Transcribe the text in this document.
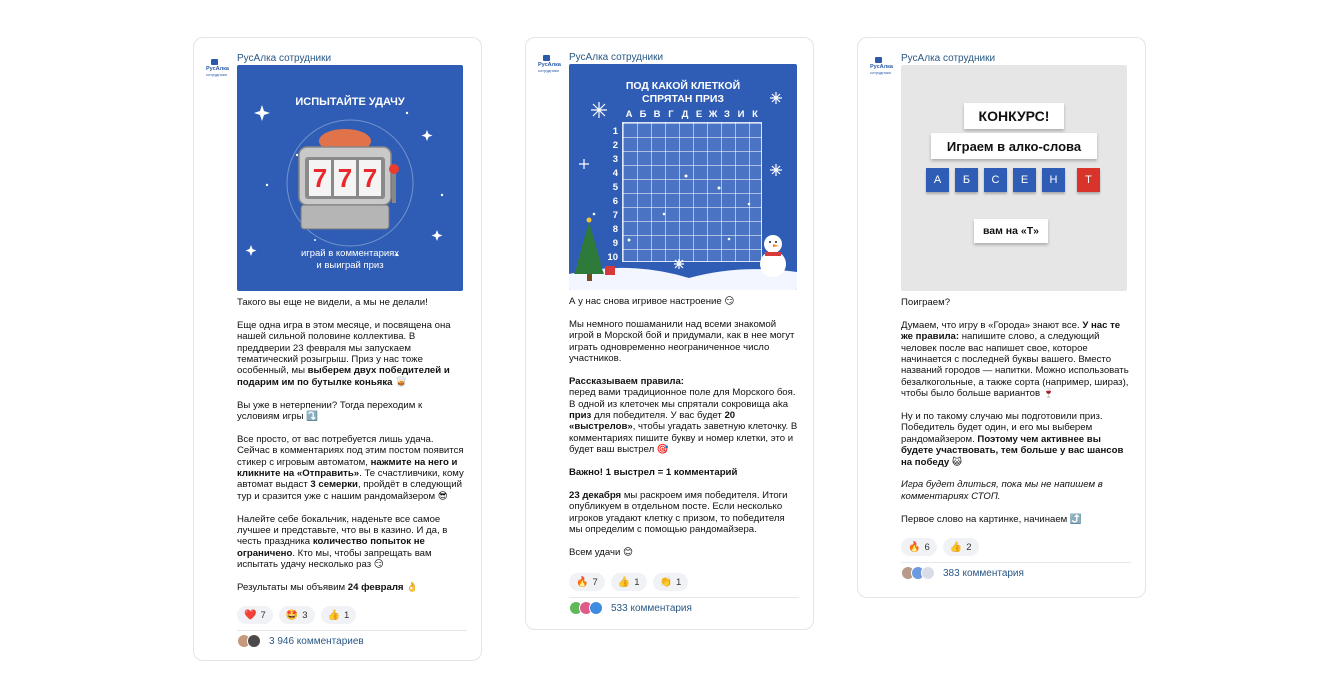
РусАлка
сотрудники
РусАлка сотрудники
ИСПЫТАЙТЕ УДАЧУ
7 7 7
играй в комментариях
и выиграй приз

Такого вы еще не видели, а мы не делали!

Еще одна игра в этом месяце, и посвящена она нашей сильной половине коллектива. В преддверии 23 февраля мы запускаем тематический розыгрыш. Приз у нас тоже особенный, мы выберем двух победителей и подарим им по бутылке коньяка 🥃

Вы уже в нетерпении? Тогда переходим к условиям игры ⤵️

Все просто, от вас потребуется лишь удача. Сейчас в комментариях под этим постом появится стикер с игровым автоматом, нажмите на него и кликните на «Отправить». Те счастливчики, кому автомат выдаст 3 семерки, пройдёт в следующий тур и сразится уже с нашим рандомайзером 😎

Налейте себе бокальчик, наденьте все самое лучшее и представьте, что вы в казино. И да, в честь праздника количество попыток не ограничено. Кто мы, чтобы запрещать вам испытать удачу несколько раз 😏

Результаты мы объявим 24 февраля 👌

❤️ 7 🤩 3 👍 1
3 946 комментариев
РусАлка
сотрудники
РусАлка сотрудники
ПОД КАКОЙ КЛЕТКОЙ
СПРЯТАН ПРИЗ
А Б В Г Д Е Ж З И К
1
2
3
4
5
6
7
8
9
10

А у нас снова игривое настроение 😏

Мы немного пошаманили над всеми знакомой игрой в Морской бой и придумали, как в нее могут играть одновременно неограниченное число участников.

Рассказываем правила:
перед вами традиционное поле для Морского боя. В одной из клеточек мы спрятали сокровища aka приз для победителя. У вас будет 20 «выстрелов», чтобы угадать заветную клеточку. В комментариях пишите букву и номер клетки, это и будет ваш выстрел 🎯

Важно! 1 выстрел = 1 комментарий

23 декабря мы раскроем имя победителя. Итоги опубликуем в отдельном посте. Если несколько игроков угадают клетку с призом, то победителя мы определим с помощью рандомайзера.

Всем удачи 😊

🔥 7 👍 1 👏 1
533 комментария
РусАлка
сотрудники
РусАлка сотрудники
КОНКУРС!
Играем в алко-слова
А	Б	С	Е	Н	Т
вам на «Т»

Поиграем?

Думаем, что игру в «Города» знают все. У нас те же правила: напишите слово, а следующий человек после вас напишет свое, которое начинается с последней буквы вашего. Вместо названий городов — напитки. Можно использовать безалкогольные, а также сорта (например, шираз), чтобы было больше вариантов 🍷

Ну и по такому случаю мы подготовили приз. Победитель будет один, и его мы выберем рандомайзером. Поэтому чем активнее вы будете участвовать, тем больше у вас шансов на победу 😺

Игра будет длиться, пока мы не напишем в комментариях СТОП.

Первое слово на картинке, начинаем ⤴️

🔥 6 👍 2
383 комментария
